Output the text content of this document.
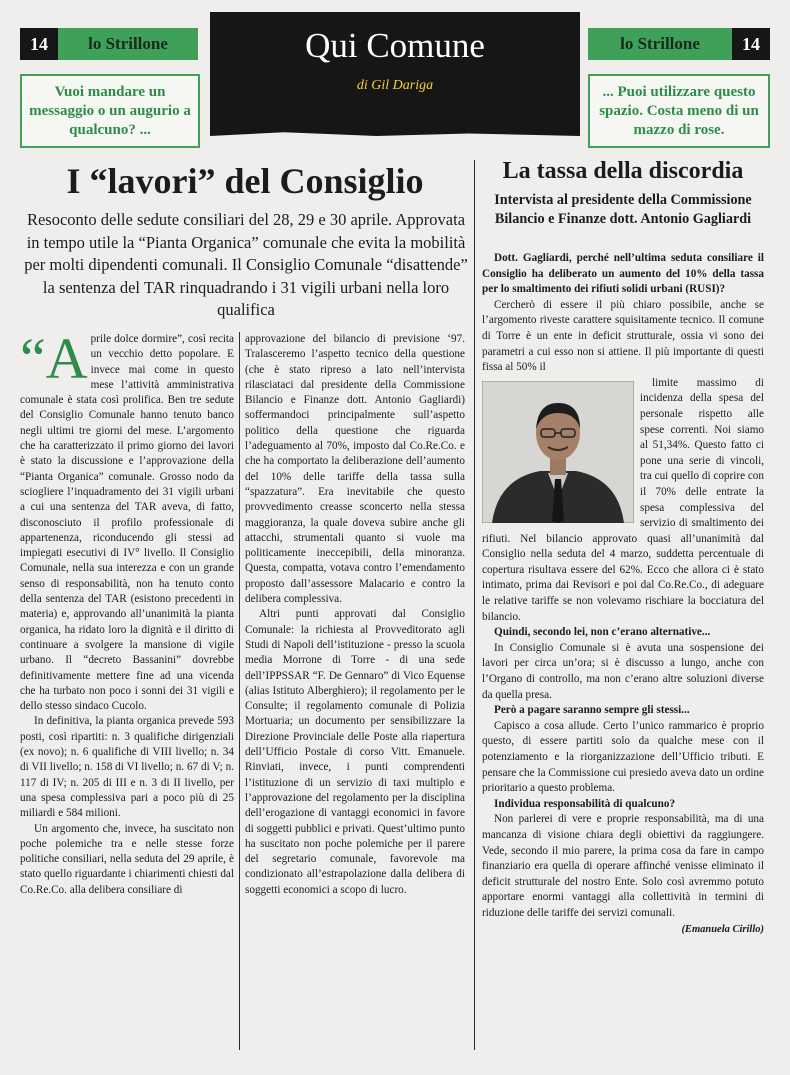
Qui Comune
di Gil Dariga
14	lo Strillone	lo Strillone	14
Vuoi mandare un messaggio o un augurio a qualcuno? ...
... Puoi utilizzare questo spazio. Costa meno di un mazzo di rose.
I “lavori” del Consiglio
Resoconto delle sedute consiliari del 28, 29 e 30 aprile. Approvata in tempo utile la “Pianta Organica” comunale che evita la mobilità per molti dipendenti comunali. Il Consiglio Comunale “disattende” la sentenza del TAR rinquadrando i 31 vigili urbani nella loro qualifica

“Aprile dolce dormire”, così recita un vecchio detto popolare. E invece mai come in questo mese l’attività amministrativa comunale è stata così prolifica. Ben tre sedute del Consiglio Comunale hanno tenuto banco negli ultimi tre giorni del mese. L’argomento che ha caratterizzato il primo giorno dei lavori è stato la discussione e l’approvazione della “Pianta Organica” comunale. Grosso nodo da sciogliere l’inquadramento dei 31 vigili urbani a cui una sentenza del TAR aveva, di fatto, disconosciuto il profilo professionale di appartenenza, riconducendo gli stessi ad impiegati esecutivi di IV° livello. Il Consiglio Comunale, nella sua interezza e con un grande senso di responsabilità, non ha tenuto conto della sentenza del TAR (esistono precedenti in materia) e, approvando all’unanimità la pianta organica, ha ridato loro la dignità e il diritto di continuare a svolgere la mansione di vigile urbano. Il “decreto Bassanini” dovrebbe definitivamente mettere fine ad una vicenda che ha turbato non poco i sonni dei 31 vigili e dello stesso sindaco Cucolo.

In definitiva, la pianta organica prevede 593 posti, così ripartiti: n. 3 qualifiche dirigenziali (ex novo); n. 6 qualifiche di VIII livello; n. 34 di VII livello; n. 158 di VI livello; n. 67 di V; n. 117 di IV; n. 205 di III e n. 3 di II livello, per una spesa complessiva pari a poco più di 25 miliardi e 584 milioni.

Un argomento che, invece, ha suscitato non poche polemiche tra e nelle stesse forze politiche consiliari, nella seduta del 29 aprile, è stato quello riguardante i chiarimenti chiesti dal Co.Re.Co. alla delibera consiliare di

approvazione del bilancio di previsione ‘97. Tralasceremo l’aspetto tecnico della questione (che è stato ripreso a lato nell’intervista rilasciataci dal presidente della Commissione Bilancio e Finanze dott. Antonio Gagliardi) soffermandoci principalmente sull’aspetto politico della questione che riguarda l’adeguamento al 70%, imposto dal Co.Re.Co. e che ha comportato la deliberazione dell’aumento del 10% delle tariffe della tassa sulla “spazzatura”. Era inevitabile che questo provvedimento creasse sconcerto nella stessa maggioranza, la quale doveva subire anche gli attacchi, strumentali quanto si vuole ma politicamente ineccepibili, della minoranza. Questa, compatta, votava contro l’emendamento proposto dall’assessore Malacario e contro la delibera complessiva.

Altri punti approvati dal Consiglio Comunale: la richiesta al Provveditorato agli Studi di Napoli dell’istituzione - presso la scuola media Morrone di Torre - di una sede dell’IPPSSAR “F. De Gennaro” di Vico Equense (alias Istituto Alberghiero); il regolamento per le Consulte; il regolamento comunale di Polizia Mortuaria; un documento per sensibilizzare la Direzione Provinciale delle Poste alla riapertura dell’Ufficio Postale di corso Vitt. Emanuele. Rinviati, invece, i punti comprendenti l’istituzione di un servizio di taxi multiplo e l’approvazione del regolamento per la disciplina dell’erogazione di vantaggi economici in favore di soggetti pubblici e privati. Quest’ultimo punto ha suscitato non poche polemiche per il parere del segretario comunale, favorevole ma condizionato all’estrapolazione dalla delibera di soggetti economici a scopo di lucro.

La tassa della discordia
Intervista al presidente della Commissione Bilancio e Finanze dott. Antonio Gagliardi

Dott. Gagliardi, perché nell’ultima seduta consiliare il Consiglio ha deliberato un aumento del 10% della tassa per lo smaltimento dei rifiuti solidi urbani (RUSI)?

Cercherò di essere il più chiaro possibile, anche se l’argomento riveste carattere squisitamente tecnico. Il comune di Torre è un ente in deficit strutturale, ossia vi sono dei parametri a cui esso non si attiene. Il più importante di questi fissa al 50% il

limite massimo di incidenza della spesa del personale rispetto alle spese correnti. Noi siamo al 51,34%. Questo fatto ci pone una serie di vincoli, tra cui quello di coprire con il 70% delle entrate la spesa complessiva del servizio di smaltimento dei rifiuti. Nel bilancio approvato quasi all’unanimità dal Consiglio nella seduta del 4 marzo, suddetta percentuale di copertura risultava essere del 62%. Ecco che allora ci è stato intimato, prima dai Revisori e poi dal Co.Re.Co., di adeguare le relative tariffe se non volevamo rischiare la bocciatura del bilancio.

Quindi, secondo lei, non c’erano alternative...

In Consiglio Comunale si è avuta una sospensione dei lavori per circa un’ora; si è discusso a lungo, anche con l’Organo di controllo, ma non c’erano altre soluzioni diverse da quella presa.

Però a pagare saranno sempre gli stessi...

Capisco a cosa allude. Certo l’unico rammarico è proprio questo, di essere partiti solo da qualche mese con il potenziamento e la riorganizzazione dell’Ufficio tributi. E pensare che la Commissione cui presiedo aveva dato un ordine prioritario a questo problema.

Individua responsabilità di qualcuno?

Non parlerei di vere e proprie responsabilità, ma di una mancanza di visione chiara degli obiettivi da raggiungere. Vede, secondo il mio parere, la prima cosa da fare in campo finanziario era quella di operare affinché venisse eliminato il deficit strutturale del nostro Ente. Solo così avremmo potuto apportare enormi vantaggi alla collettività in termini di riduzione delle tariffe dei servizi comunali.
(Emanuela Cirillo)
